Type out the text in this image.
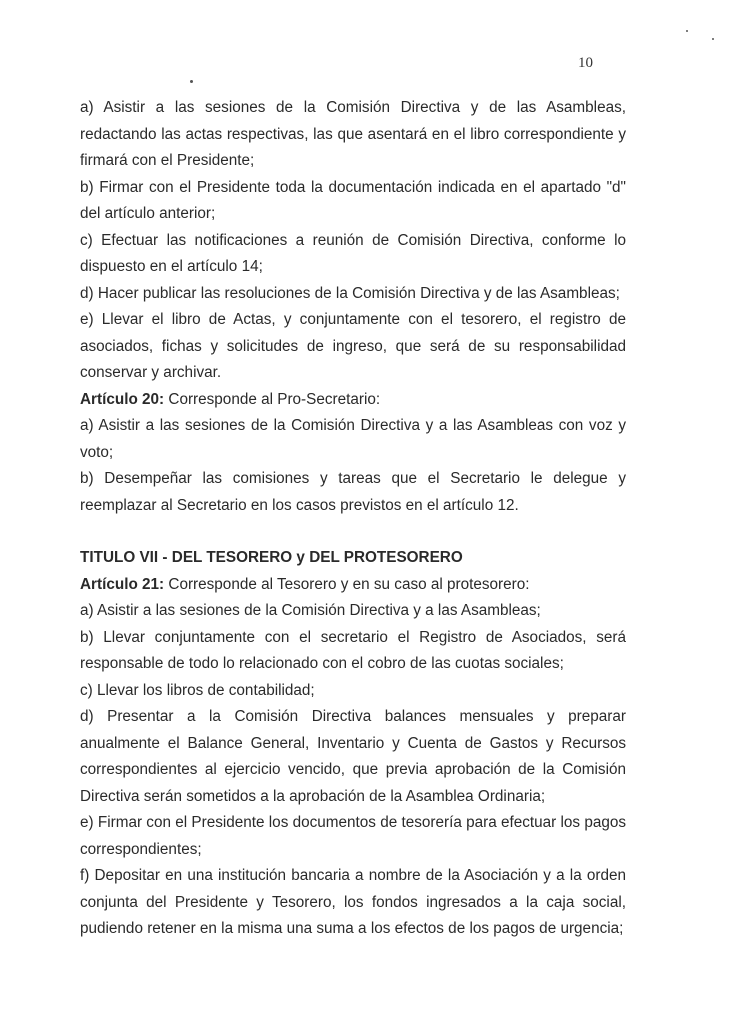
10

a) Asistir a las sesiones de la Comisión Directiva y de las Asambleas, redactando las actas respectivas, las que asentará en el libro correspondiente y firmará con el Presidente;

b) Firmar con el Presidente toda la documentación indicada en el apartado "d" del artículo anterior;

c) Efectuar las notificaciones a reunión de Comisión Directiva, conforme lo dispuesto en el artículo 14;

d) Hacer publicar las resoluciones de la Comisión Directiva y de las Asambleas;

e) Llevar el libro de Actas, y conjuntamente con el tesorero, el registro de asociados, fichas y solicitudes de ingreso, que será de su responsabilidad conservar y archivar.

Artículo 20: Corresponde al Pro-Secretario:

a) Asistir a las sesiones de la Comisión Directiva y a las Asambleas con voz y voto;

b) Desempeñar las comisiones y tareas que el Secretario le delegue y reemplazar al Secretario en los casos previstos en el artículo 12.

TITULO VII - DEL TESORERO y DEL PROTESORERO

Artículo 21: Corresponde al Tesorero y en su caso al protesorero:

a) Asistir a las sesiones de la Comisión Directiva y a las Asambleas;

b) Llevar conjuntamente con el secretario el Registro de Asociados, será responsable de todo lo relacionado con el cobro de las cuotas sociales;

c) Llevar los libros de contabilidad;

d) Presentar a la Comisión Directiva balances mensuales y preparar anualmente el Balance General, Inventario y Cuenta de Gastos y Recursos correspondientes al ejercicio vencido, que previa aprobación de la Comisión Directiva serán sometidos a la aprobación de la Asamblea Ordinaria;

e) Firmar con el Presidente los documentos de tesorería para efectuar los pagos correspondientes;

f) Depositar en una institución bancaria a nombre de la Asociación y a la orden conjunta del Presidente y Tesorero, los fondos ingresados a la caja social, pudiendo retener en la misma una suma a los efectos de los pagos de urgencia;
